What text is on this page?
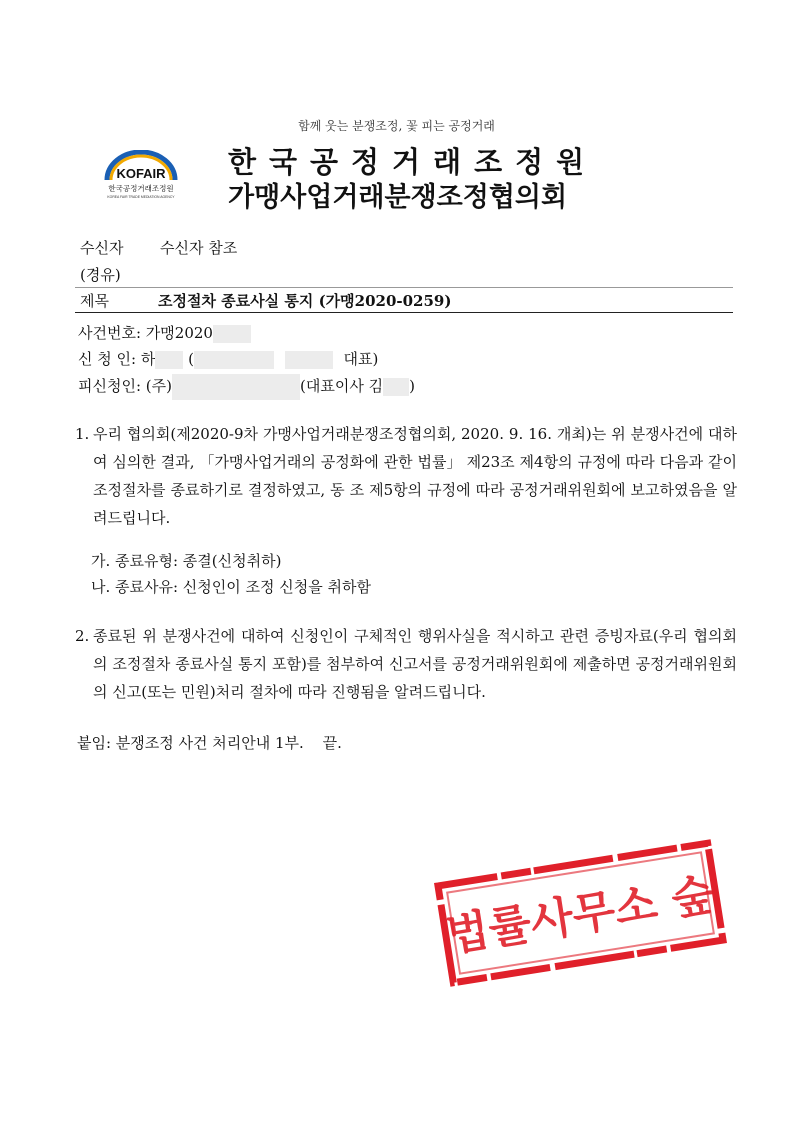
함께 웃는 분쟁조정, 꽃 피는 공정거래
KOFAIR
한국공정거래조정원
KOREA FAIR TRADE MEDIATION AGENCY
한국공정거래조정원
가맹사업거래분쟁조정협의회
수신자 수신자 참조
(경유)
제목	조정절차 종료사실 통지 (가맹2020-0259)
사건번호: 가맹2020
신 청 인: 하 (	대표)
피신청인: (주)	(대표이사 김 )
1. 우리 협의회(제2020-9차 가맹사업거래분쟁조정협의회, 2020. 9. 16. 개최)는 위 분쟁사건에 대하여 심의한 결과, 「가맹사업거래의 공정화에 관한 법률」 제23조 제4항의 규정에 따라 다음과 같이 조정절차를 종료하기로 결정하였고, 동 조 제5항의 규정에 따라 공정거래위원회에 보고하였음을 알려드립니다.
가. 종료유형: 종결(신청취하)
나. 종료사유: 신청인이 조정 신청을 취하함
2. 종료된 위 분쟁사건에 대하여 신청인이 구체적인 행위사실을 적시하고 관련 증빙자료(우리 협의회의 조정절차 종료사실 통지 포함)를 첨부하여 신고서를 공정거래위원회에 제출하면 공정거래위원회의 신고(또는 민원)처리 절차에 따라 진행됨을 알려드립니다.
붙임: 분쟁조정 사건 처리안내 1부. 끝.
법률사무소 숲
